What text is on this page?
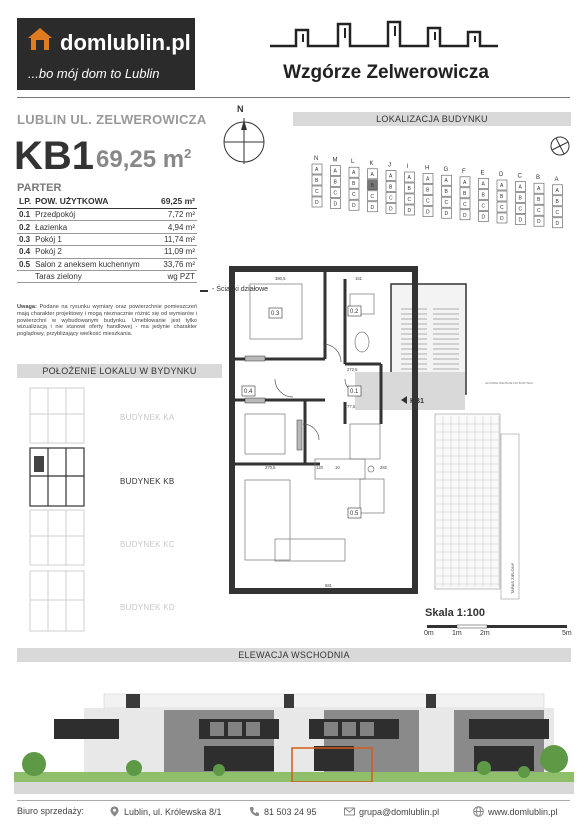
domlublin.pl
...bo mój dom to Lublin	Wzgórze Zelwerowicza
LUBLIN UL. ZELWEROWICZA
KB1 69,25 $m^2$
PARTER
LP.	POW. UŻYTKOWA	69,25 m²
0.1	Przedpokój	7,72 m²
0.2	Łazienka	4,94 m²
0.3	Pokój 1	11,74 m²
0.4	Pokój 2	11,09 m²
0.5	Salon z aneksem kuchennym	33,76 m²
	Taras zielony	wg PZT
- Ścianki działowe
Uwaga: Podane na rysunku wymiary oraz powierzchnie pomieszczeń mają charakter projektowy i mogą nieznacznie różnić się od wymiarów i powierzchni w wybudowanym budynku. Umeblowanie jest tylko wizualizacją i nie stanowi oferty handlowej - ma jedynie charakter poglądowy, przybliżający wielkość mieszkania.
POŁOŻENIE LOKALU W BYDYNKU
BUDYNEK KA
BUDYNEK KB
BUDYNEK KC
BUDYNEK KD
N
LOKALIZACJA BUDYNKU
N
A
B
C
D
M
A
B
C
D
L
A
B
C
D
K
A
B
C
D
J
A
B
C
D
I
A
B
C
D
H
A
B
C
D
G
A
B
C
D
F
A
B
C
D
E
A
B
C
D
D
A
B
C
D
C
A
B
C
D
B
A
B
C
D
A
A
B
C
D
0.3	0.2
0.1
0.4
0.5
KB1
GŁÓWNE WEJŚCIE DO BUDYNKU
TARAS ZIELONY
380,5	161
272,5
77,5
270,5	120	10	282
681
Skala 1:100
0m	1m	2m	5m
ELEWACJA WSCHODNIA
Biuro sprzedaży:	Lublin, ul. Królewska 8/1	81 503 24 95	grupa@domlublin.pl	www.domlublin.pl
